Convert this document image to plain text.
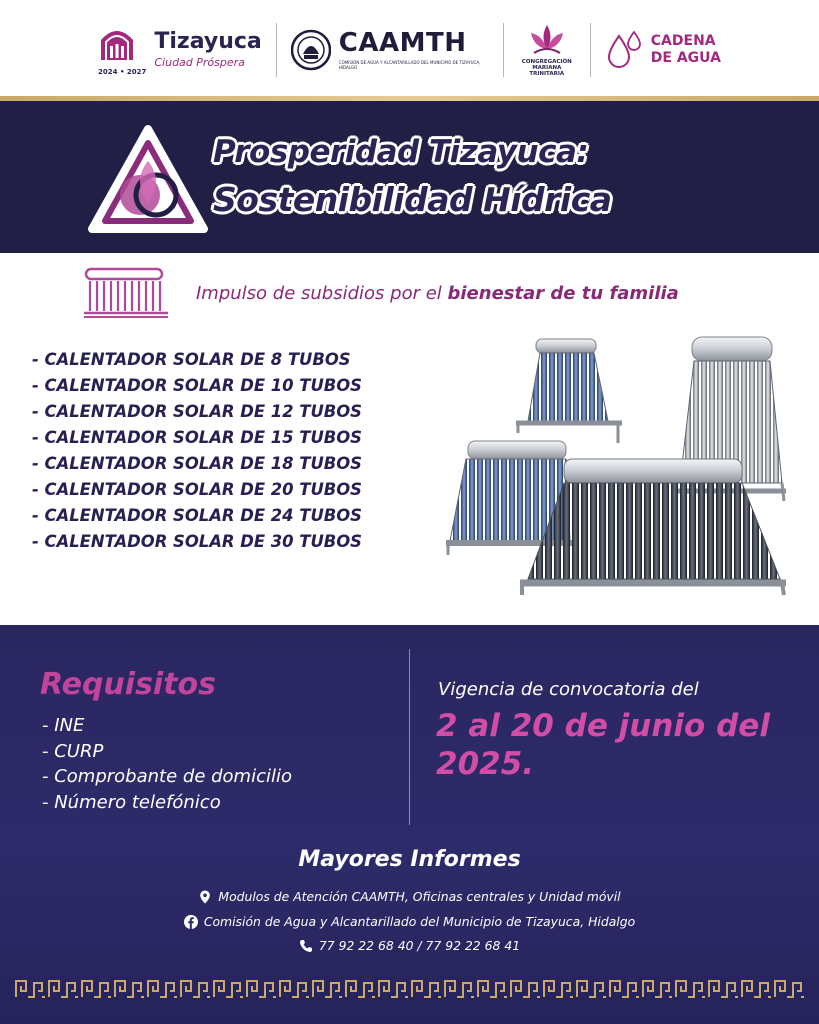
2024 • 2027
Tizayuca
Ciudad Próspera
CAAMTH
COMISION DE AGUA Y ALCANTARILLADO DEL MUNICIPIO DE TIZAYUCA, HIDALGO
CONGREGACIÓN MARIANA TRINITARIA
CADENA
DE AGUA
Prosperidad Tizayuca:
Sostenibilidad Hídrica
Impulso de subsidios por el bienestar de tu familia
- CALENTADOR SOLAR DE 8 TUBOS
- CALENTADOR SOLAR DE 10 TUBOS
- CALENTADOR SOLAR DE 12 TUBOS
- CALENTADOR SOLAR DE 15 TUBOS
- CALENTADOR SOLAR DE 18 TUBOS
- CALENTADOR SOLAR DE 20 TUBOS
- CALENTADOR SOLAR DE 24 TUBOS
- CALENTADOR SOLAR DE 30 TUBOS
Requisitos
- INE
- CURP
- Comprobante de domicilio
- Número telefónico
Vigencia de convocatoria del
2 al 20 de junio del 2025.
Mayores Informes
Modulos de Atención CAAMTH, Oficinas centrales y Unidad móvil
Comisión de Agua y Alcantarillado del Municipio de Tizayuca, Hidalgo
77 92 22 68 40 / 77 92 22 68 41
